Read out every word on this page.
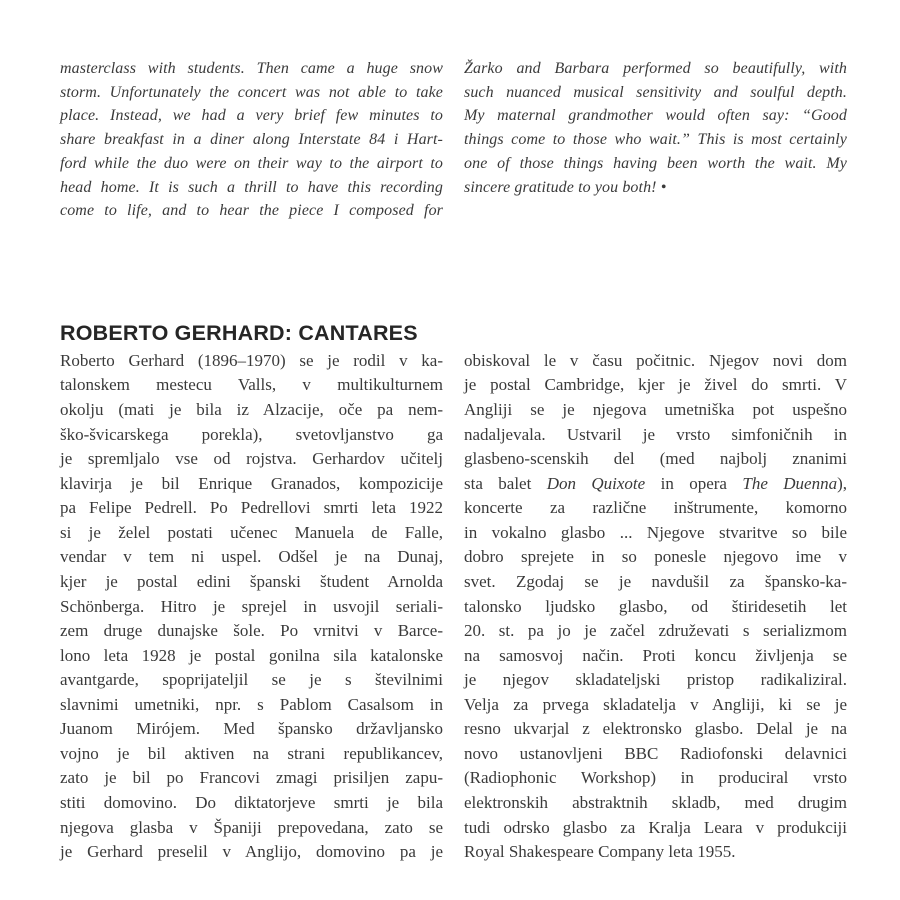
masterclass with students. Then came a huge snow
storm. Unfortunately the concert was not able to take
place. Instead, we had a very brief few minutes to
share breakfast in a diner along Interstate 84 i Hart-
ford while the duo were on their way to the airport to
head home. It is such a thrill to have this recording
come to life, and to hear the piece I composed for
Žarko and Barbara performed so beautifully, with
such nuanced musical sensitivity and soulful depth.
My maternal grandmother would often say: “Good
things come to those who wait.” This is most certainly
one of those things having been worth the wait. My
sincere gratitude to you both! •
ROBERTO GERHARD: CANTARES
Roberto Gerhard (1896–1970) se je rodil v ka-
talonskem mestecu Valls, v multikulturnem
okolju (mati je bila iz Alzacije, oče pa nem-
ško-švicarskega porekla), svetovljanstvo ga
je spremljalo vse od rojstva. Gerhardov učitelj
klavirja je bil Enrique Granados, kompozicije
pa Felipe Pedrell. Po Pedrellovi smrti leta 1922
si je želel postati učenec Manuela de Falle,
vendar v tem ni uspel. Odšel je na Dunaj,
kjer je postal edini španski študent Arnolda
Schönberga. Hitro je sprejel in usvojil seriali-
zem druge dunajske šole. Po vrnitvi v Barce-
lono leta 1928 je postal gonilna sila katalonske
avantgarde, spoprijateljil se je s številnimi
slavnimi umetniki, npr. s Pablom Casalsom in
Juanom Mirójem. Med špansko državljansko
vojno je bil aktiven na strani republikancev,
zato je bil po Francovi zmagi prisiljen zapu-
stiti domovino. Do diktatorjeve smrti je bila
njegova glasba v Španiji prepovedana, zato se
je Gerhard preselil v Anglijo, domovino pa je
obiskoval le v času počitnic. Njegov novi dom
je postal Cambridge, kjer je živel do smrti. V
Angliji se je njegova umetniška pot uspešno
nadaljevala. Ustvaril je vrsto simfoničnih in
glasbeno-scenskih del (med najbolj znanimi
sta balet Don Quixote in opera The Duenna),
koncerte za različne inštrumente, komorno
in vokalno glasbo ... Njegove stvaritve so bile
dobro sprejete in so ponesle njegovo ime v
svet. Zgodaj se je navdušil za špansko-ka-
talonsko ljudsko glasbo, od štiridesetih let
20. st. pa jo je začel združevati s serializmom
na samosvoj način. Proti koncu življenja se
je njegov skladateljski pristop radikaliziral.
Velja za prvega skladatelja v Angliji, ki se je
resno ukvarjal z elektronsko glasbo. Delal je na
novo ustanovljeni BBC Radiofonski delavnici
(Radiophonic Workshop) in produciral vrsto
elektronskih abstraktnih skladb, med drugim
tudi odrsko glasbo za Kralja Leara v produkciji
Royal Shakespeare Company leta 1955.
